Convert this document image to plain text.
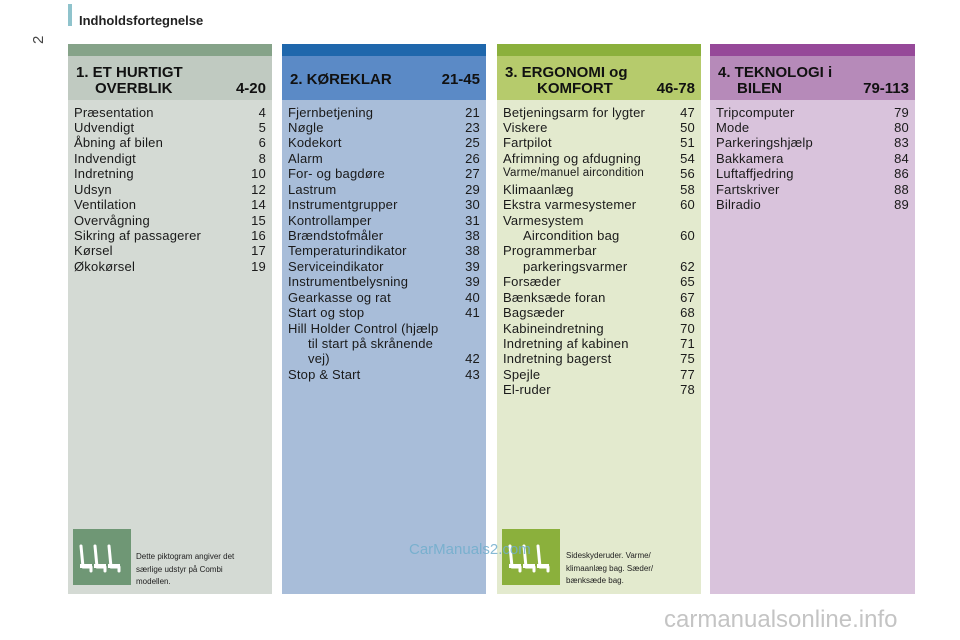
2
Indholdsfortegnelse
1. ET HURTIGT
OVERBLIK	4-20
Præsentation	4
Udvendigt	5
Åbning af bilen	6
Indvendigt	8
Indretning	10
Udsyn	12
Ventilation	14
Overvågning	15
Sikring af passagerer	16
Kørsel	17
Økokørsel	19
Dette piktogram angiver det
særlige udstyr på Combi
modellen.
2. KØREKLAR	21-45
Fjernbetjening	21
Nøgle	23
Kodekort	25
Alarm	26
For- og bagdøre	27
Lastrum	29
Instrumentgrupper	30
Kontrollamper	31
Brændstofmåler	38
Temperaturindikator	38
Serviceindikator	39
Instrumentbelysning	39
Gearkasse og rat	40
Start og stop	41
Hill Holder Control (hjælp
til start på skrånende
vej)	42
Stop & Start	43
3. ERGONOMI og
KOMFORT	46-78
Betjeningsarm for lygter	47
Viskere	50
Fartpilot	51
Afrimning og afdugning	54
Varme/manuel aircondition	56
Klimaanlæg	58
Ekstra varmesystemer	60
Varmesystem
Aircondition bag	60
Programmerbar
parkeringsvarmer	62
Forsæder	65
Bænksæde foran	67
Bagsæder	68
Kabineindretning	70
Indretning af kabinen	71
Indretning bagerst	75
Spejle	77
El-ruder	78
Sideskyderuder. Varme/
klimaanlæg bag. Sæder/
bænksæde bag.
4. TEKNOLOGI i
BILEN	79-113
Tripcomputer	79
Mode	80
Parkeringshjælp	83
Bakkamera	84
Luftaffjedring	86
Fartskriver	88
Bilradio	89
CarManuals2.com
carmanualsonline.info
